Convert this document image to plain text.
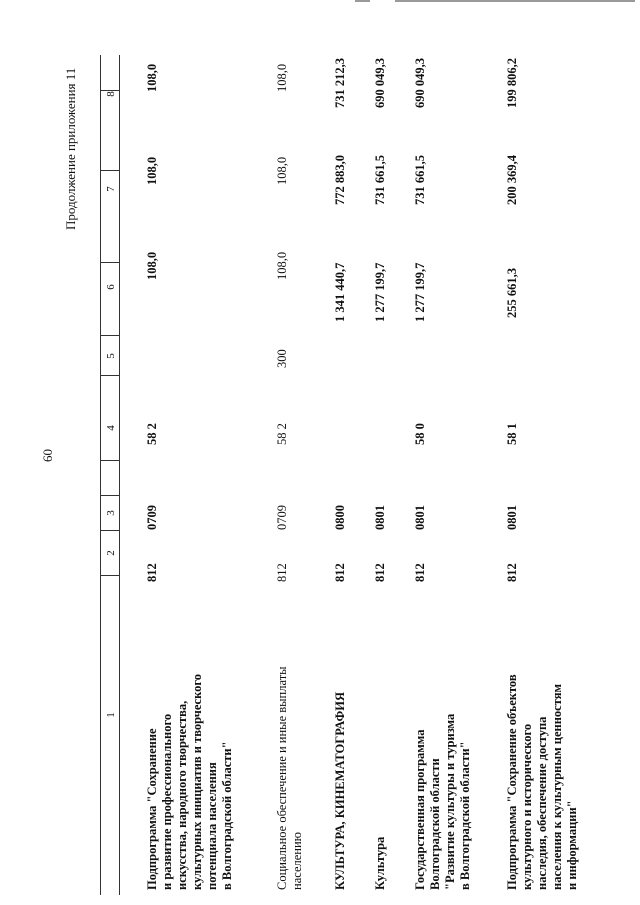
60
Продолжение приложения 11
1
2
3
4
5
6
7
8
Подпрограмма "Сохранение
и развитие профессионального
искусства, народного творчества,
культурных инициатив и творческого
потенциала населения
в Волгоградской области"
812
0709
58 2
108,0
108,0
108,0
Социальное обеспечение и иные выплаты
населению
812
0709
58 2
300
108,0
108,0
108,0
КУЛЬТУРА, КИНЕМАТОГРАФИЯ
812
0800
1 341 440,7
772 883,0
731 212,3
Культура
812
0801
1 277 199,7
731 661,5
690 049,3
Государственная программа
Волгоградской области
"Развитие культуры и туризма
в Волгоградской области"
812
0801
58 0
1 277 199,7
731 661,5
690 049,3
Подпрограмма "Сохранение объектов
культурного и исторического
наследия, обеспечение доступа
населения к культурным ценностям
и информации"
812
0801
58 1
255 661,3
200 369,4
199 806,2
